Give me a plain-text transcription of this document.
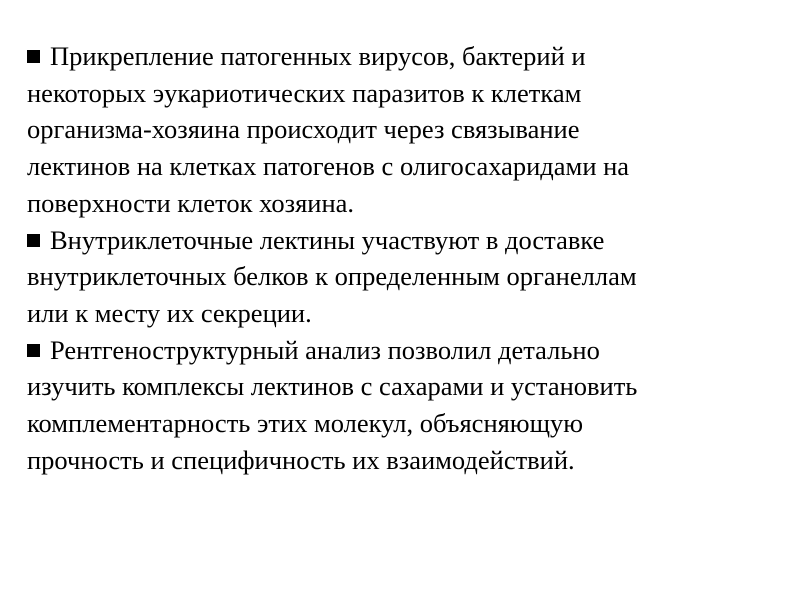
Прикрепление патогенных вирусов, бактерий и
некоторых эукариотических паразитов к клеткам
организма-хозяина происходит через связывание
лектинов на клетках патогенов с олигосахаридами на
поверхности клеток хозяина.
Внутриклеточные лектины участвуют в доставке
внутриклеточных белков к определенным органеллам
или к месту их секреции.
Рентгеноструктурный анализ позволил детально
изучить комплексы лектинов с сахарами и установить
комплементарность этих молекул, объясняющую
прочность и специфичность их взаимодействий.
